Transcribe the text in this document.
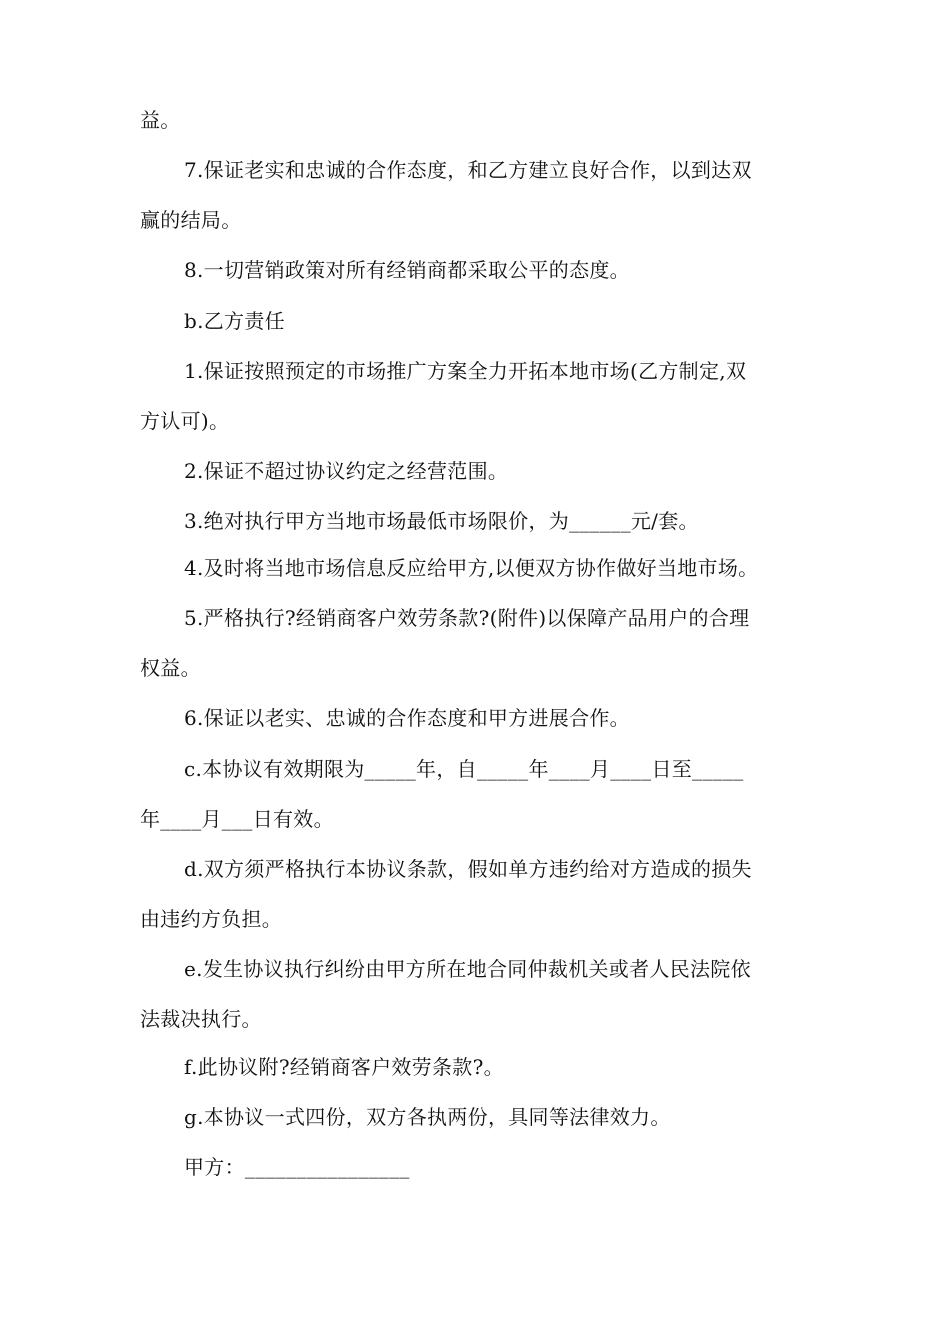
益。

7.保证老实和忠诚的合作态度，和乙方建立良好合作，以到达双

赢的结局。

8.一切营销政策对所有经销商都采取公平的态度。

b.乙方责任

1.保证按照预定的市场推广方案全力开拓本地市场(乙方制定,双

方认可)。

2.保证不超过协议约定之经营范围。

3.绝对执行甲方当地市场最低市场限价，为______元/套。

4.及时将当地市场信息反应给甲方,以便双方协作做好当地市场。

5.严格执行?经销商客户效劳条款?(附件)以保障产品用户的合理

权益。

6.保证以老实、忠诚的合作态度和甲方进展合作。

c.本协议有效期限为_____年，自_____年____月____日至_____

年____月___日有效。

d.双方须严格执行本协议条款，假如单方违约给对方造成的损失

由违约方负担。

e.发生协议执行纠纷由甲方所在地合同仲裁机关或者人民法院依

法裁决执行。

f.此协议附?经销商客户效劳条款?。

g.本协议一式四份，双方各执两份，具同等法律效力。

甲方：________________
